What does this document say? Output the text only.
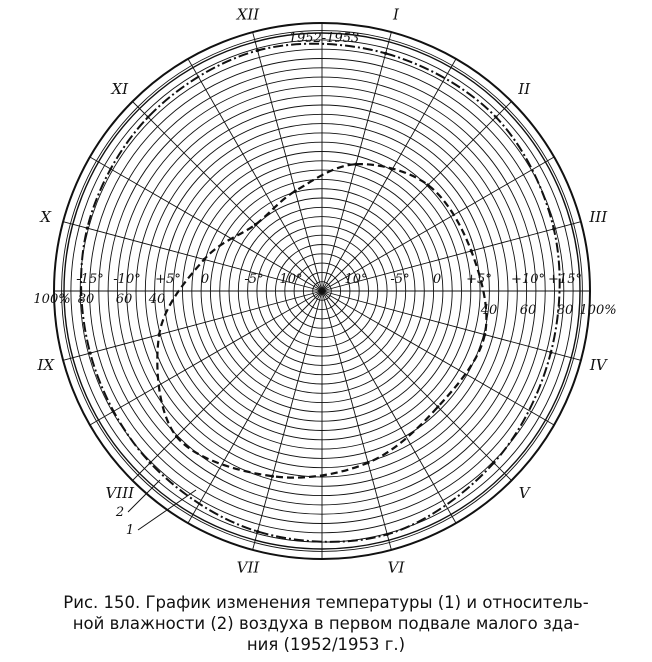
I
II
III
IV
V
VI
VII
VIII
IX
X
XI
XII
1952-1953
10° -5° 0 +5° +10° +15°
10°
-5°
0
+5°
-10°
-15°
40 60 80 100%
40
60
80
100%
1
2
Рис. 150. График изменения температуры (1) и относитель-
ной влажности (2) воздуха в первом подвале малого зда-
ния (1952/1953 г.)
